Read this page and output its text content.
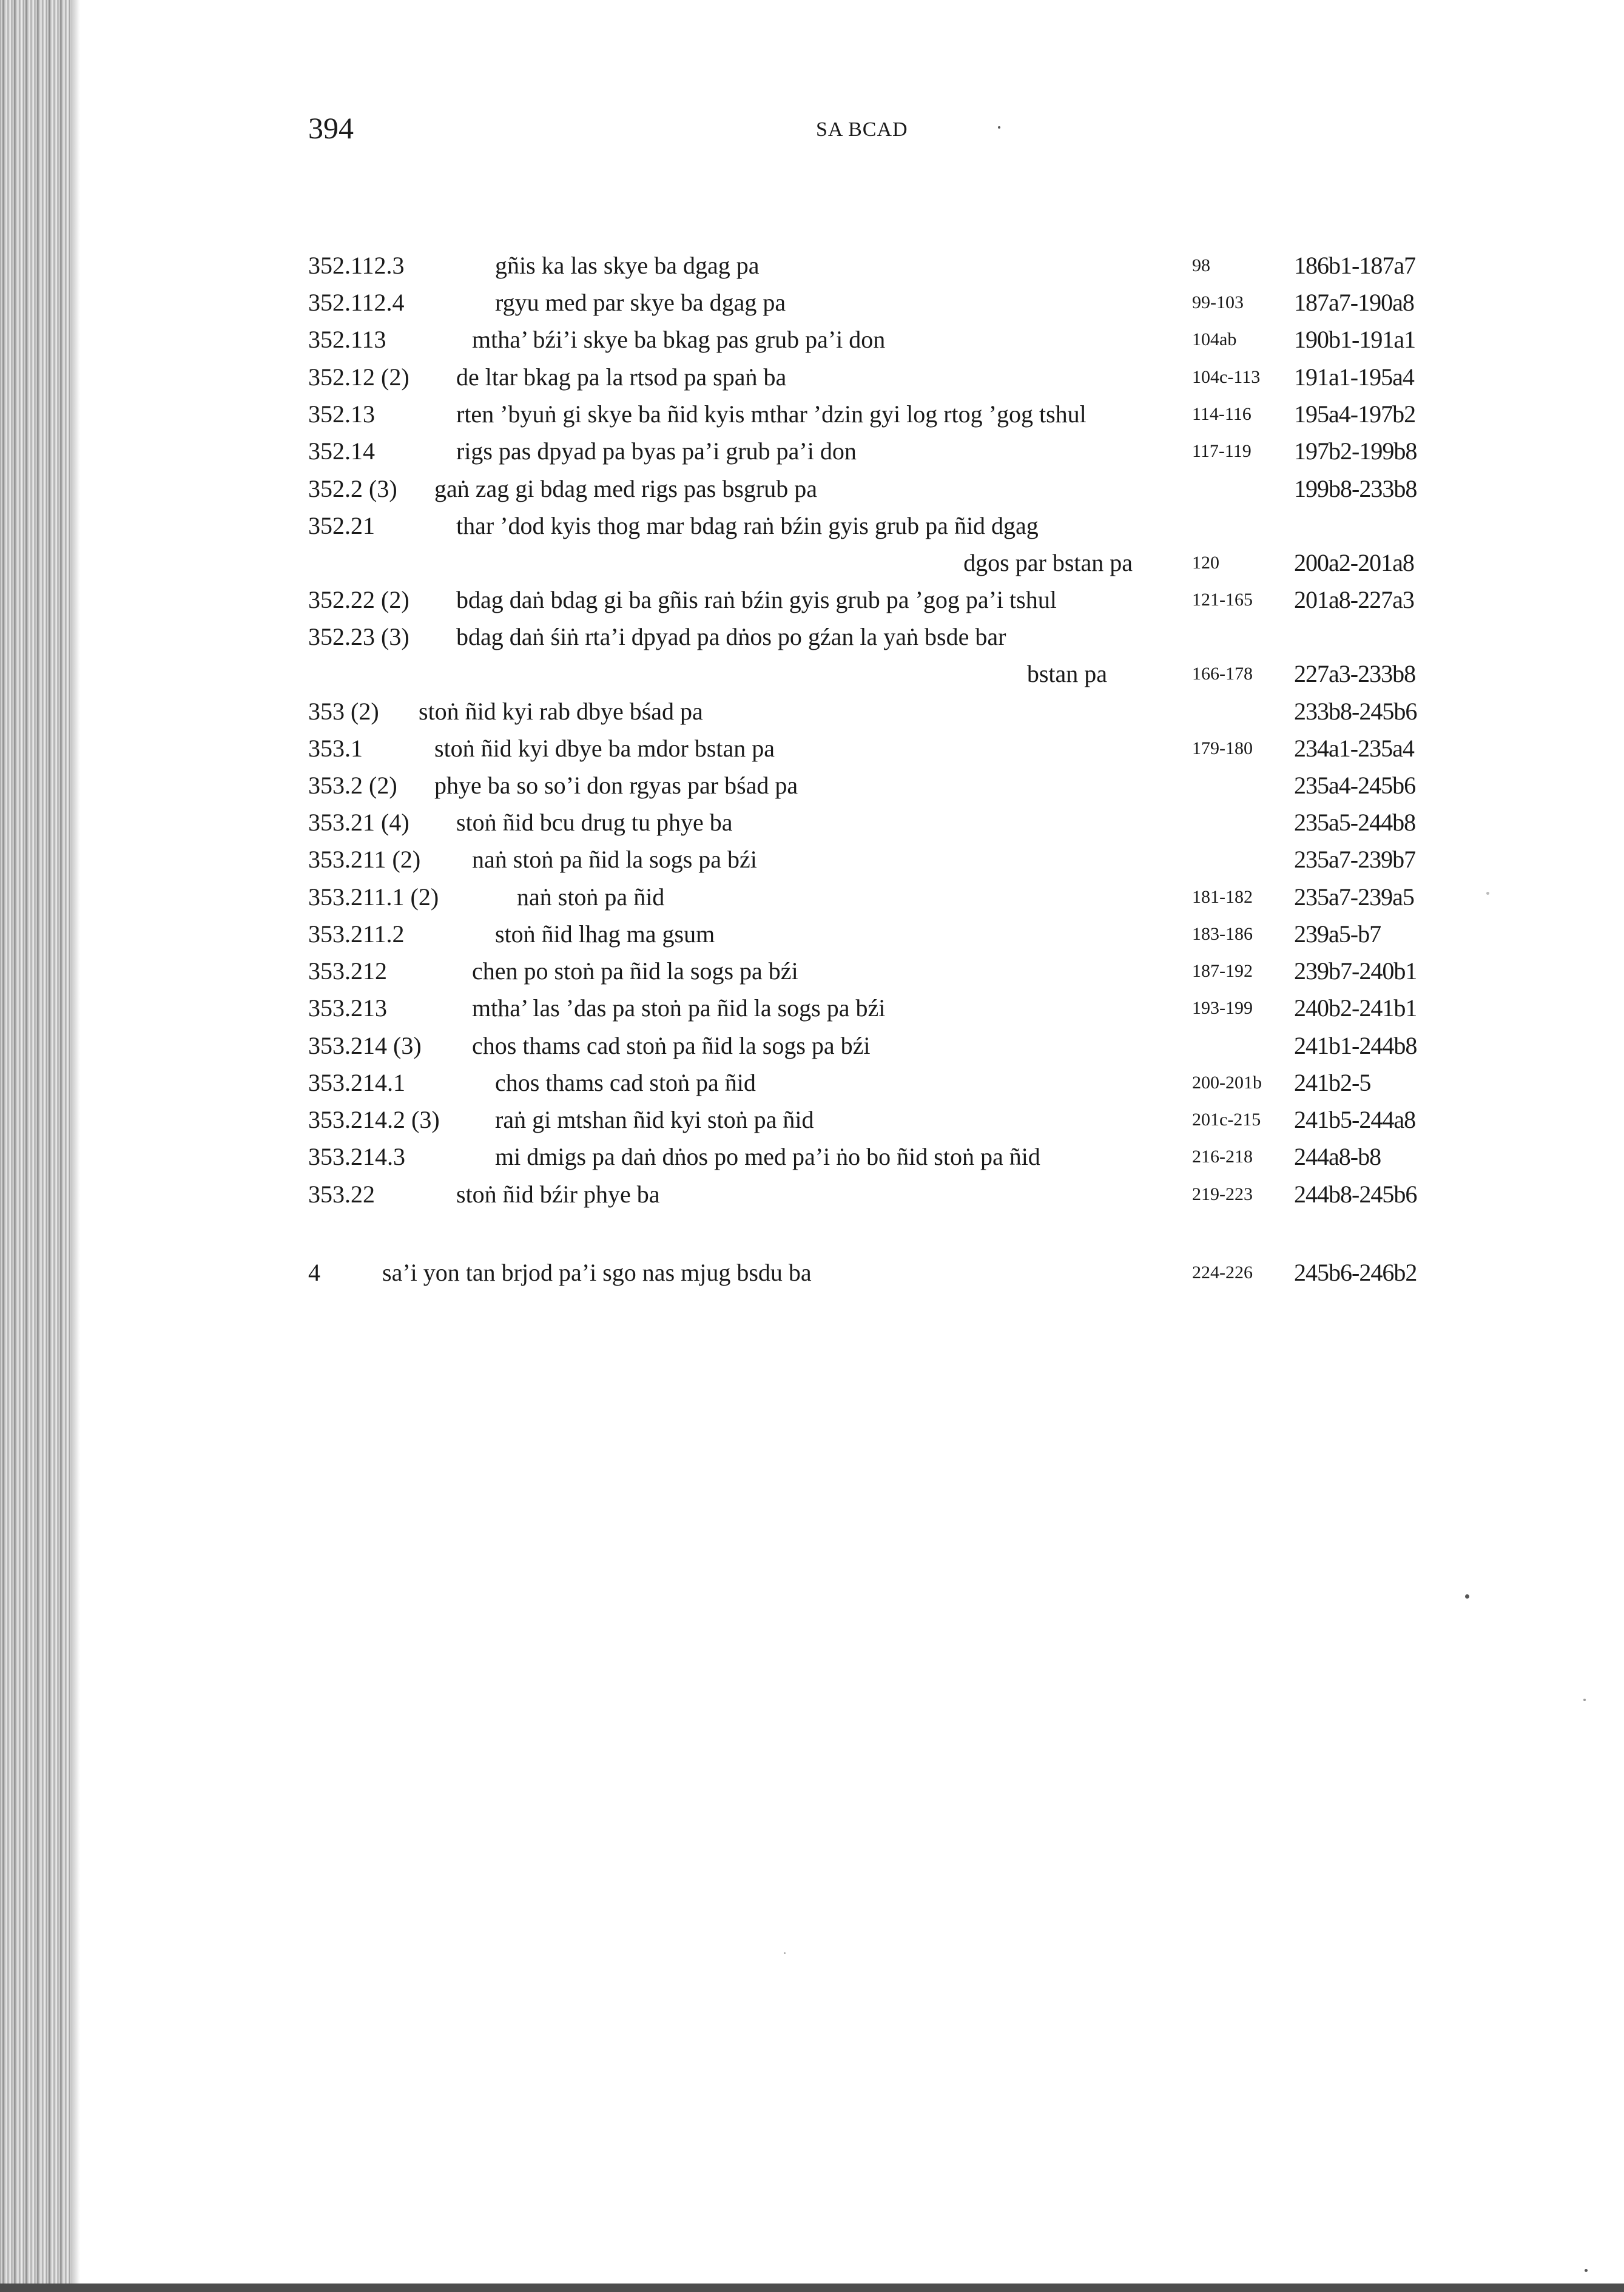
394	SA BCAD
352.112.3	gñis ka las skye ba dgag pa	98	186b1-187a7
352.112.4	rgyu med par skye ba dgag pa	99-103 187a7-190a8
352.113	mtha’ bźi’i skye ba bkag pas grub pa’i don	104ab 190b1-191a1
352.12 (2) de ltar bkag pa la rtsod pa spaṅ ba	104c-113 191a1-195a4
352.13	rten ’byuṅ gi skye ba ñid kyis mthar ’dzin gyi log rtog ’gog tshul	114-116 195a4-197b2
352.14	rigs pas dpyad pa byas pa’i grub pa’i don	117-119 197b2-199b8
352.2 (3) gaṅ zag gi bdag med rigs pas bsgrub pa	199b8-233b8
352.21	thar ’dod kyis thog mar bdag raṅ bźin gyis grub pa ñid dgag
dgos par bstan pa	120	200a2-201a8
352.22 (2) bdag daṅ bdag gi ba gñis raṅ bźin gyis grub pa ’gog pa’i tshul	121-165 201a8-227a3
352.23 (3) bdag daṅ śiṅ rta’i dpyad pa dṅos po gźan la yaṅ bsde bar
bstan pa	166-178 227a3-233b8
353 (2) stoṅ ñid kyi rab dbye bśad pa	233b8-245b6
353.1	stoṅ ñid kyi dbye ba mdor bstan pa	179-180 234a1-235a4
353.2 (2) phye ba so so’i don rgyas par bśad pa	235a4-245b6
353.21 (4) stoṅ ñid bcu drug tu phye ba	235a5-244b8
353.211 (2) naṅ stoṅ pa ñid la sogs pa bźi	235a7-239b7
353.211.1 (2)	naṅ stoṅ pa ñid	181-182 235a7-239a5
353.211.2	stoṅ ñid lhag ma gsum	183-186 239a5-b7
353.212	chen po stoṅ pa ñid la sogs pa bźi	187-192 239b7-240b1
353.213	mtha’ las ’das pa stoṅ pa ñid la sogs pa bźi	193-199 240b2-241b1
353.214 (3) chos thams cad stoṅ pa ñid la sogs pa bźi	241b1-244b8
353.214.1	chos thams cad stoṅ pa ñid	200-201b 241b2-5
353.214.2 (3) raṅ gi mtshan ñid kyi stoṅ pa ñid	201c-215 241b5-244a8
353.214.3	mi dmigs pa daṅ dṅos po med pa’i ṅo bo ñid stoṅ pa ñid	216-218 244a8-b8
353.22	stoṅ ñid bźir phye ba	219-223 244b8-245b6
4	sa’i yon tan brjod pa’i sgo nas mjug bsdu ba	224-226 245b6-246b2
